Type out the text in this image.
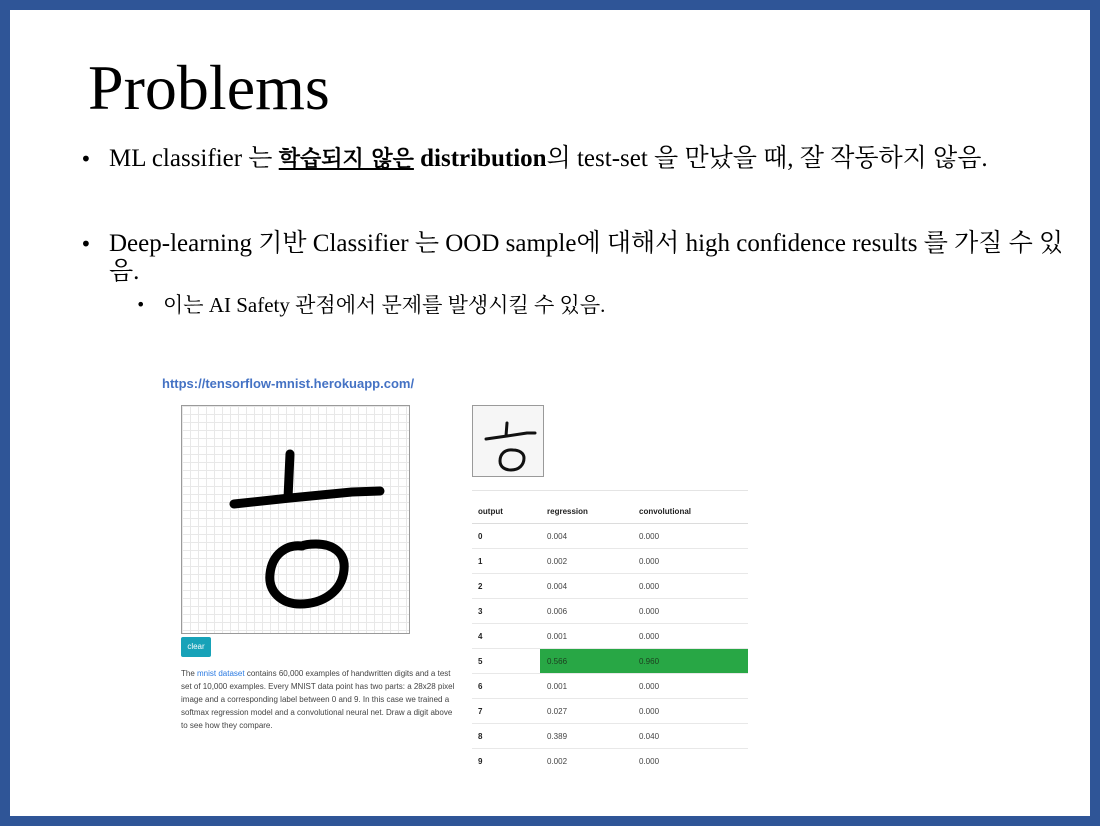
Problems
• ML classifier 는 학습되지 않은 distribution의 test-set 을 만났을 때, 잘 작동하지 않음.
• Deep-learning 기반 Classifier 는 OOD sample에 대해서 high confidence results 를 가질 수 있음.
• 이는 AI Safety 관점에서 문제를 발생시킬 수 있음.
https://tensorflow-mnist.herokuapp.com/
clear
The mnist dataset contains 60,000 examples of handwritten digits and a test set of 10,000 examples. Every MNIST data point has two parts: a 28x28 pixel image and a corresponding label between 0 and 9. In this case we trained a softmax regression model and a convolutional neural net. Draw a digit above to see how they compare.
output	regression	convolutional
0	0.004	0.000
1	0.002	0.000
2	0.004	0.000
3	0.006	0.000
4	0.001	0.000
5	0.566	0.960
6	0.001	0.000
7	0.027	0.000
8	0.389	0.040
9	0.002	0.000
